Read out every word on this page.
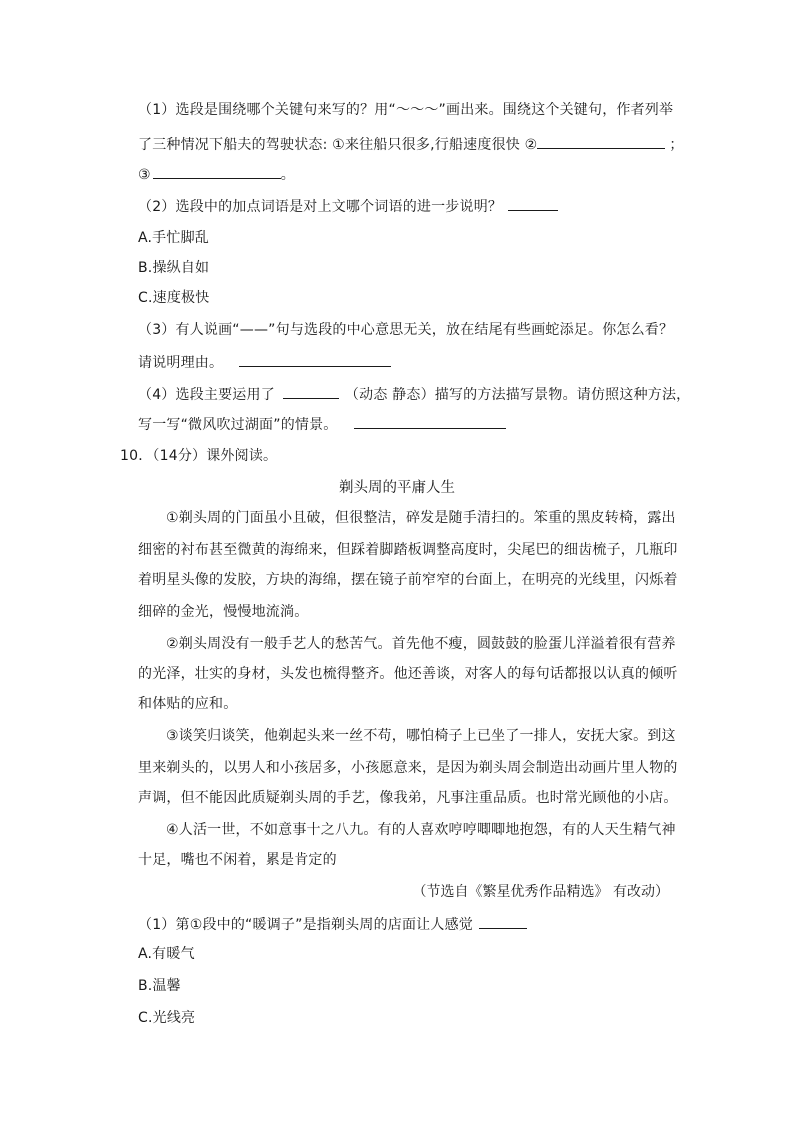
（1）选段是围绕哪个关键句来写的？用“～～～”画出来。围绕这个关键句，作者列举
了三种情况下船夫的驾驶状态: ①来往船只很多,行船速度很快 ②	；
③	。
（2）选段中的加点词语是对上文哪个词语的进一步说明？
A.手忙脚乱
B.操纵自如
C.速度极快
（3）有人说画“——”句与选段的中心意思无关，放在结尾有些画蛇添足。你怎么看？
请说明理由。
（4）选段主要运用了	（动态 静态）描写的方法描写景物。请仿照这种方法，
写一写“微风吹过湖面”的情景。
10．（14分）课外阅读。
剃头周的平庸人生
①剃头周的门面虽小且破，但很整洁，碎发是随手清扫的。笨重的黑皮转椅，露出
细密的衬布甚至微黄的海绵来，但踩着脚踏板调整高度时，尖尾巴的细齿梳子，几瓶印
着明星头像的发胶，方块的海绵，摆在镜子前窄窄的台面上，在明亮的光线里，闪烁着
细碎的金光，慢慢地流淌。
②剃头周没有一般手艺人的愁苦气。首先他不瘦，圆鼓鼓的脸蛋儿洋溢着很有营养
的光泽，壮实的身材，头发也梳得整齐。他还善谈，对客人的每句话都报以认真的倾听
和体贴的应和。
③谈笑归谈笑，他剃起头来一丝不苟，哪怕椅子上已坐了一排人，安抚大家。到这
里来剃头的，以男人和小孩居多，小孩愿意来，是因为剃头周会制造出动画片里人物的
声调，但不能因此质疑剃头周的手艺，像我弟，凡事注重品质。也时常光顾他的小店。
④人活一世，不如意事十之八九。有的人喜欢哼哼唧唧地抱怨，有的人天生精气神
十足，嘴也不闲着，累是肯定的
（节选自《繁星优秀作品精选》 有改动）
（1）第①段中的“暖调子”是指剃头周的店面让人感觉
A.有暖气
B.温馨
C.光线亮
